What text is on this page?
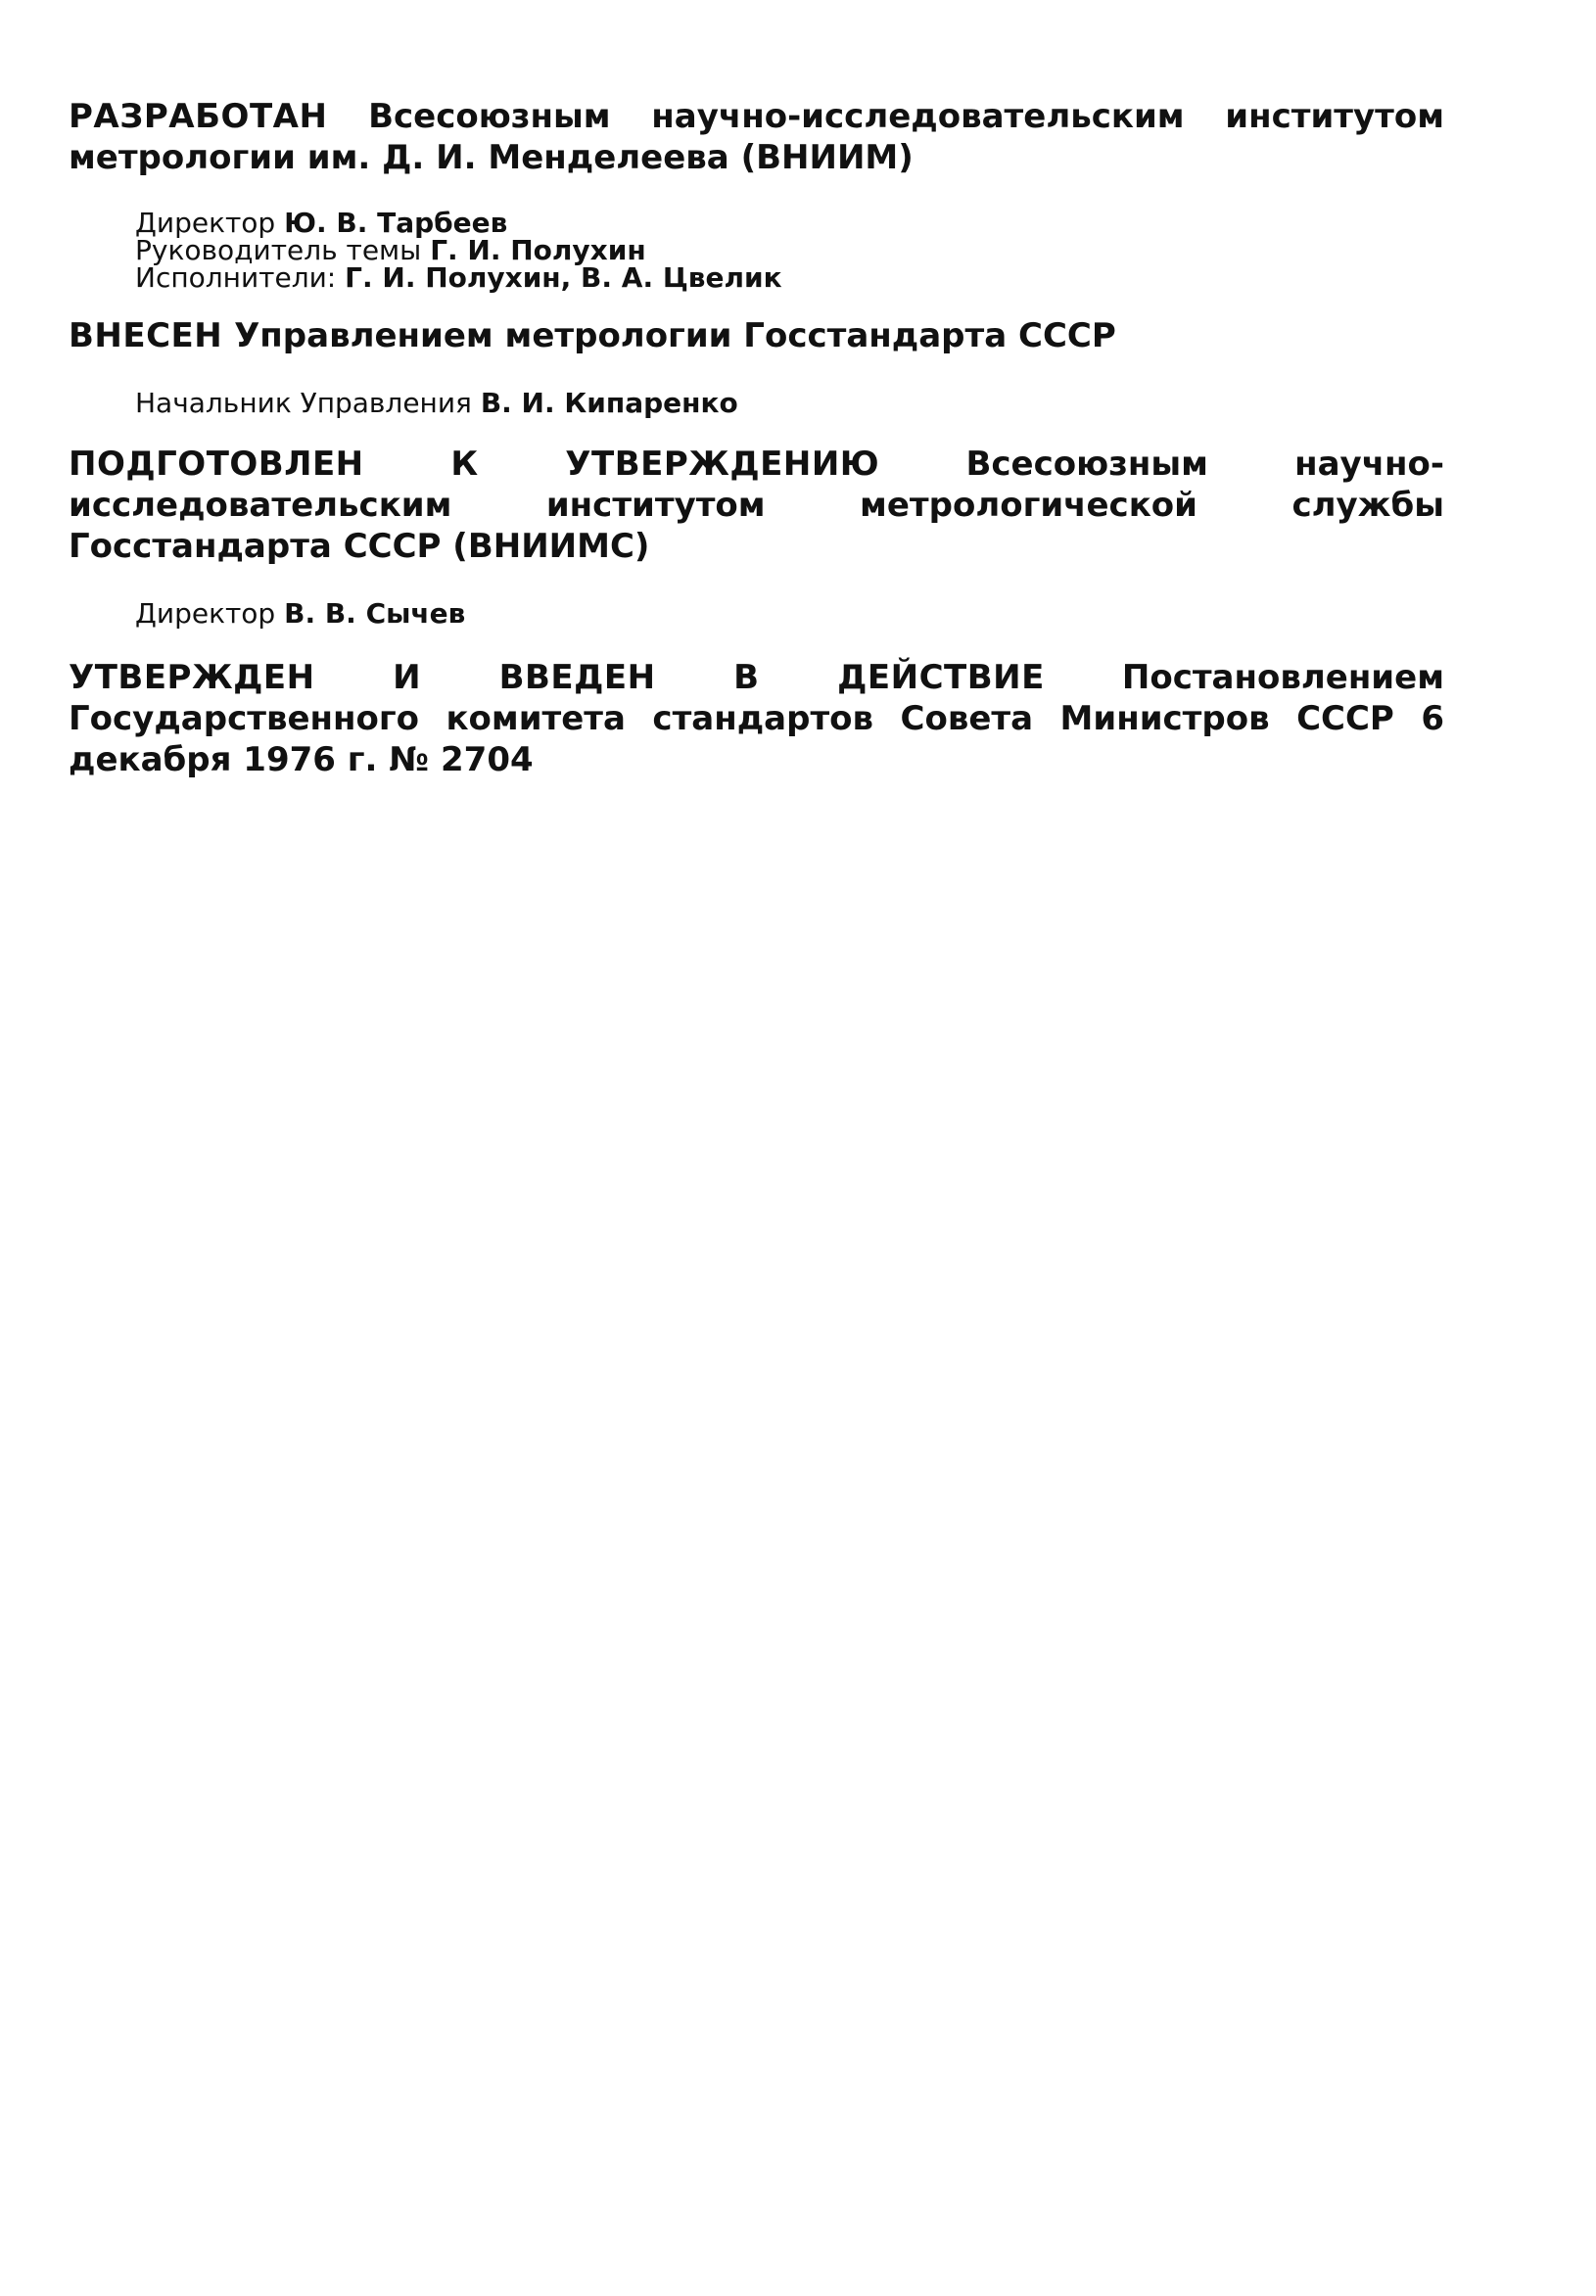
РАЗРАБОТАН Всесоюзным научно-исследовательским институтом метрологии им. Д. И. Менделеева (ВНИИМ)

Директор Ю. В. Тарбеев
Руководитель темы Г. И. Полухин
Исполнители: Г. И. Полухин, В. А. Цвелик

ВНЕСЕН Управлением метрологии Госстандарта СССР

Начальник Управления В. И. Кипаренко

ПОДГОТОВЛЕН К УТВЕРЖДЕНИЮ	Всесоюзным научно-исследовательским институтом метрологической службы Госстандарта СССР (ВНИИМС)

Директор В. В. Сычев

УТВЕРЖДЕН И ВВЕДЕН В ДЕЙСТВИЕ Постановлением Государственного комитета стандартов Совета Министров СССР 6 декабря 1976 г. № 2704
